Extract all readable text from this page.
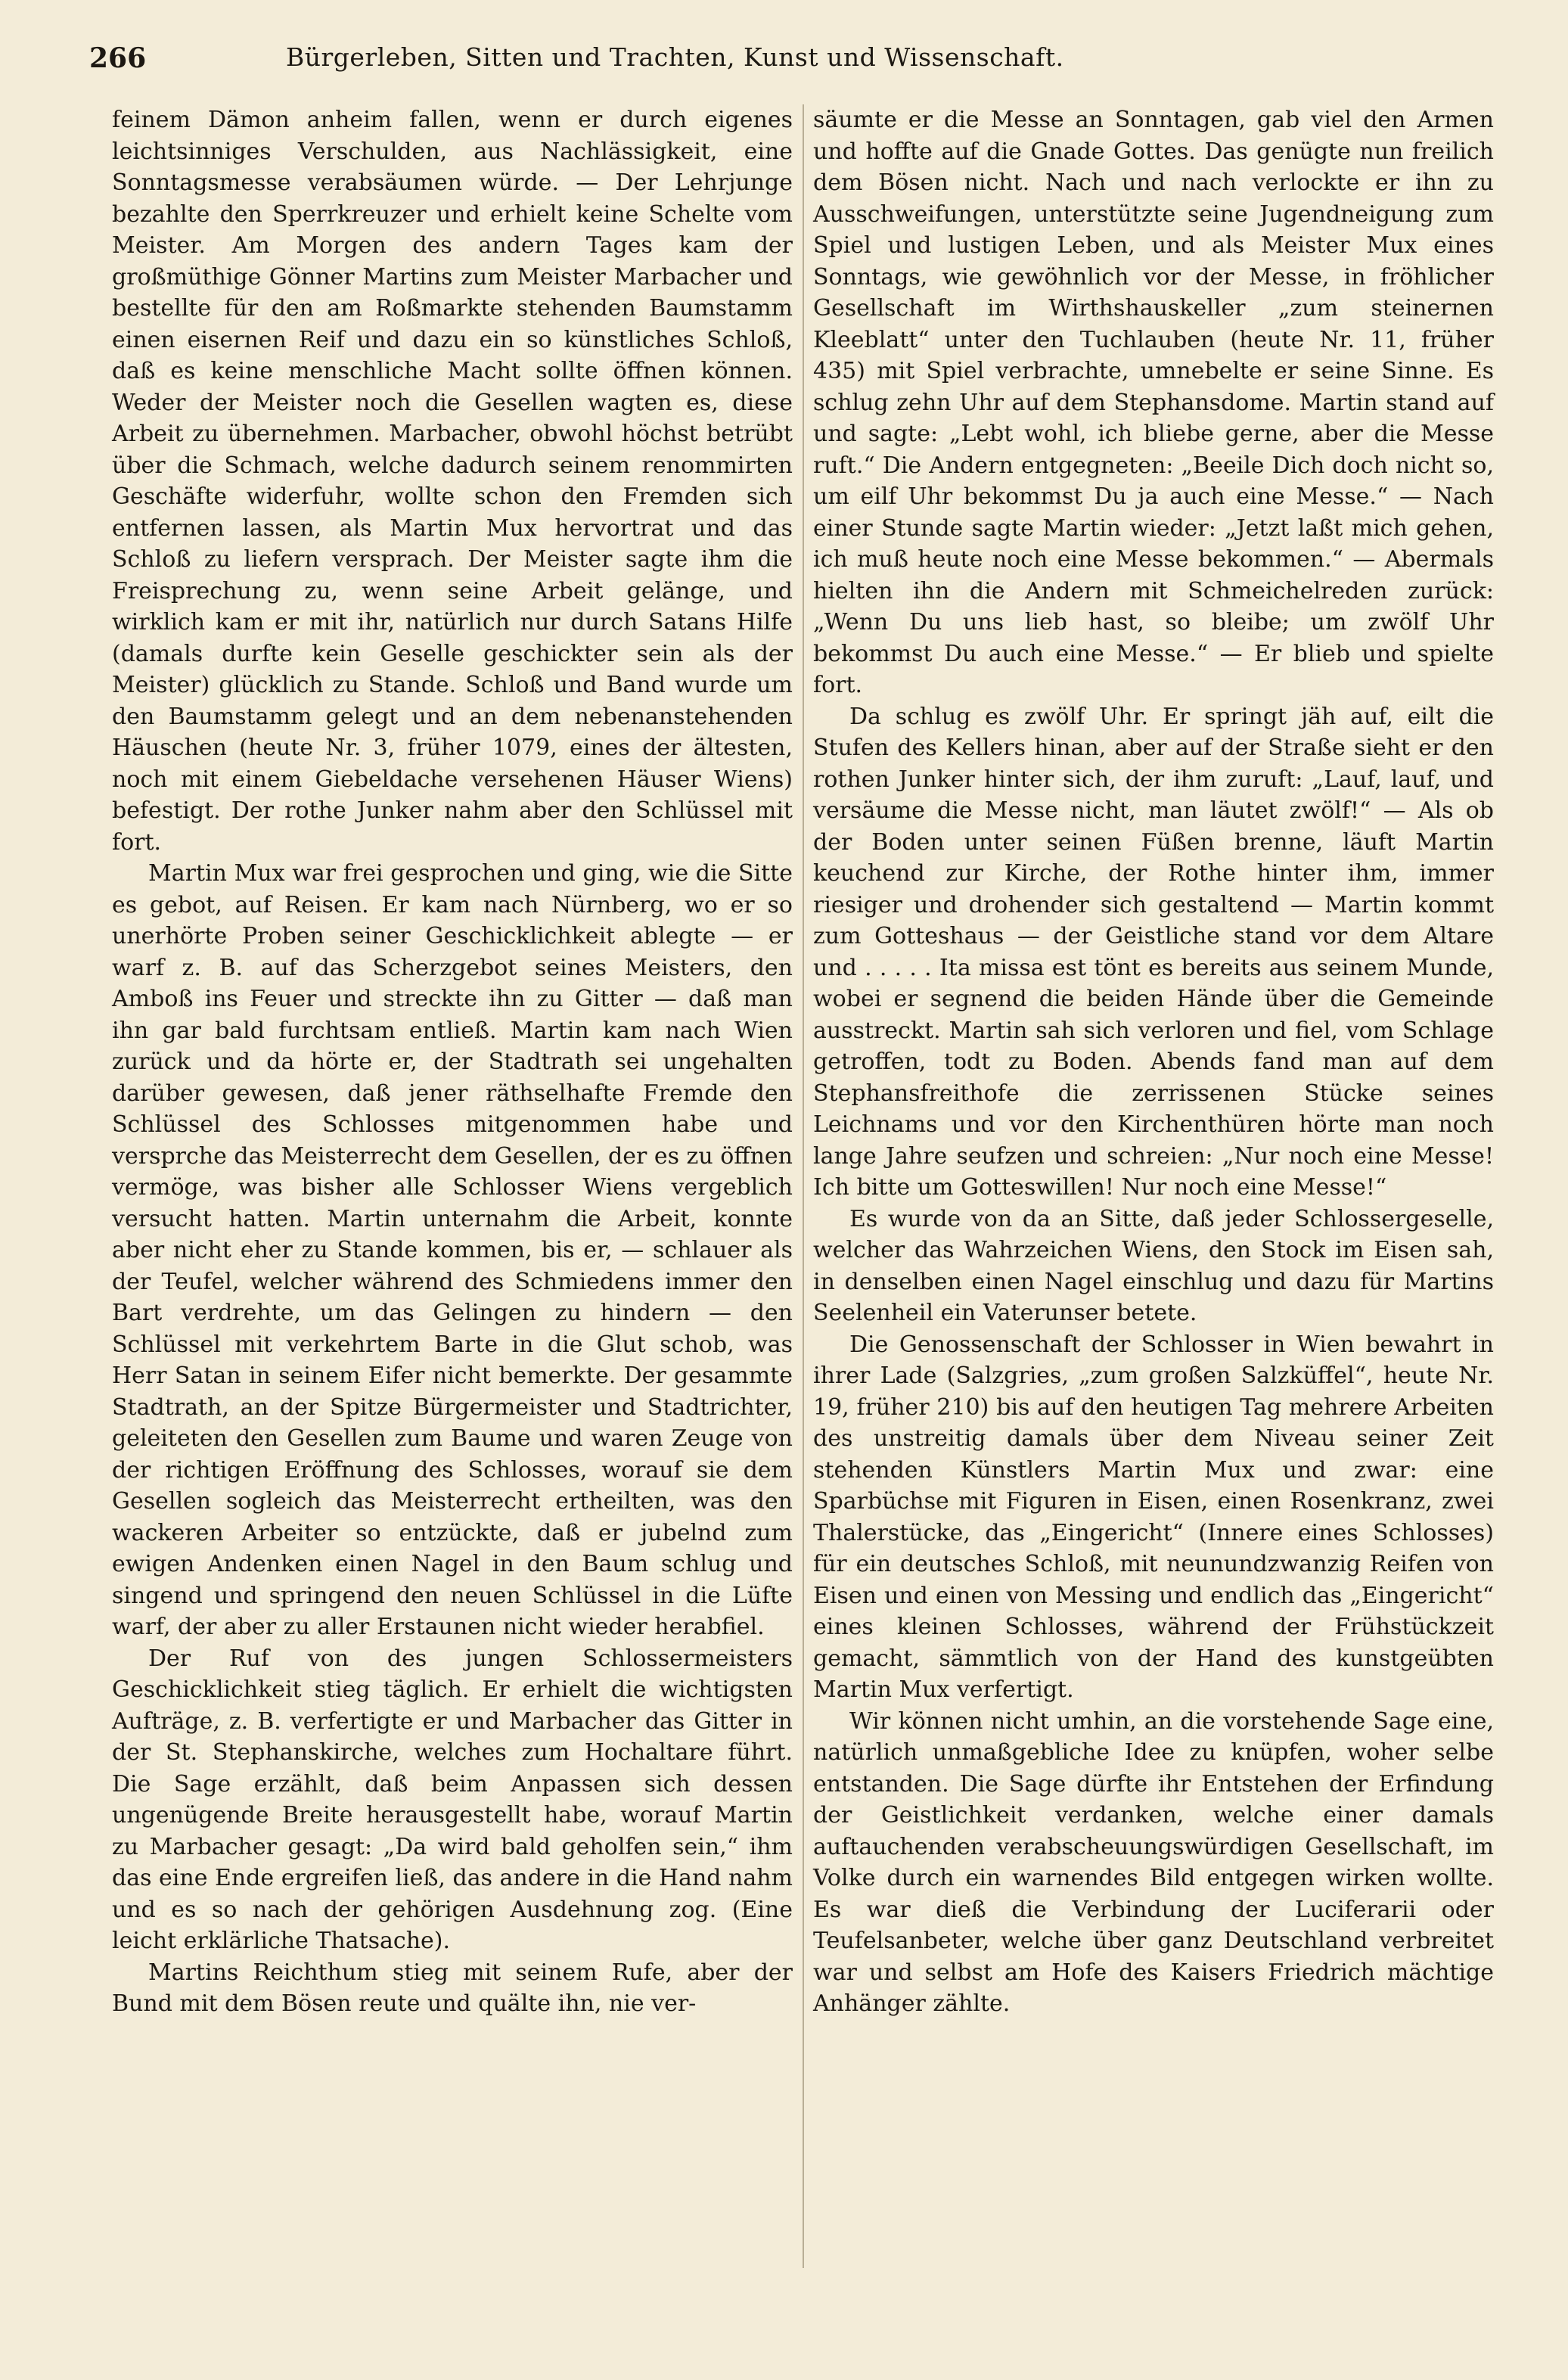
266	Bürgerleben, Sitten und Trachten, Kunst und Wissenschaft.

feinem Dämon anheim fallen, wenn er durch eigenes leichtsinniges Verschulden, aus Nachlässigkeit, eine Sonntagsmesse verabsäumen würde. — Der Lehrjunge bezahlte den Sperrkreuzer und erhielt keine Schelte vom Meister. Am Morgen des andern Tages kam der großmüthige Gönner Martins zum Meister Marbacher und bestellte für den am Roßmarkte stehenden Baumstamm einen eisernen Reif und dazu ein so künstliches Schloß, daß es keine menschliche Macht sollte öffnen können. Weder der Meister noch die Gesellen wagten es, diese Arbeit zu übernehmen. Marbacher, obwohl höchst betrübt über die Schmach, welche dadurch seinem renommirten Geschäfte widerfuhr, wollte schon den Fremden sich entfernen lassen, als Martin Mux hervortrat und das Schloß zu liefern versprach. Der Meister sagte ihm die Freisprechung zu, wenn seine Arbeit gelänge, und wirklich kam er mit ihr, natürlich nur durch Satans Hilfe (damals durfte kein Geselle geschickter sein als der Meister) glücklich zu Stande. Schloß und Band wurde um den Baumstamm gelegt und an dem nebenanstehenden Häuschen (heute Nr. 3, früher 1079, eines der ältesten, noch mit einem Giebeldache versehenen Häuser Wiens) befestigt. Der rothe Junker nahm aber den Schlüssel mit fort.

Martin Mux war frei gesprochen und ging, wie die Sitte es gebot, auf Reisen. Er kam nach Nürnberg, wo er so unerhörte Proben seiner Geschicklichkeit ablegte — er warf z. B. auf das Scherzgebot seines Meisters, den Amboß ins Feuer und streckte ihn zu Gitter — daß man ihn gar bald furchtsam entließ. Martin kam nach Wien zurück und da hörte er, der Stadtrath sei ungehalten darüber gewesen, daß jener räthselhafte Fremde den Schlüssel des Schlosses mitgenommen habe und versprche das Meisterrecht dem Gesellen, der es zu öffnen vermöge, was bisher alle Schlosser Wiens vergeblich versucht hatten. Martin unternahm die Arbeit, konnte aber nicht eher zu Stande kommen, bis er, — schlauer als der Teufel, welcher während des Schmiedens immer den Bart verdrehte, um das Gelingen zu hindern — den Schlüssel mit verkehrtem Barte in die Glut schob, was Herr Satan in seinem Eifer nicht bemerkte. Der gesammte Stadtrath, an der Spitze Bürgermeister und Stadtrichter, geleiteten den Gesellen zum Baume und waren Zeuge von der richtigen Eröffnung des Schlosses, worauf sie dem Gesellen sogleich das Meisterrecht ertheilten, was den wackeren Arbeiter so entzückte, daß er jubelnd zum ewigen Andenken einen Nagel in den Baum schlug und singend und springend den neuen Schlüssel in die Lüfte warf, der aber zu aller Erstaunen nicht wieder herabfiel.

Der Ruf von des jungen Schlossermeisters Geschicklichkeit stieg täglich. Er erhielt die wichtigsten Aufträge, z. B. verfertigte er und Marbacher das Gitter in der St. Stephanskirche, welches zum Hochaltare führt. Die Sage erzählt, daß beim Anpassen sich dessen ungenügende Breite herausgestellt habe, worauf Martin zu Marbacher gesagt: „Da wird bald geholfen sein,“ ihm das eine Ende ergreifen ließ, das andere in die Hand nahm und es so nach der gehörigen Ausdehnung zog. (Eine leicht erklärliche Thatsache).

Martins Reichthum stieg mit seinem Rufe, aber der Bund mit dem Bösen reute und quälte ihn, nie ver-

säumte er die Messe an Sonntagen, gab viel den Armen und hoffte auf die Gnade Gottes. Das genügte nun freilich dem Bösen nicht. Nach und nach verlockte er ihn zu Ausschweifungen, unterstützte seine Jugendneigung zum Spiel und lustigen Leben, und als Meister Mux eines Sonntags, wie gewöhnlich vor der Messe, in fröhlicher Gesellschaft im Wirthshauskeller „zum steinernen Kleeblatt“ unter den Tuchlauben (heute Nr. 11, früher 435) mit Spiel verbrachte, umnebelte er seine Sinne. Es schlug zehn Uhr auf dem Stephansdome. Martin stand auf und sagte: „Lebt wohl, ich bliebe gerne, aber die Messe ruft.“ Die Andern entgegneten: „Beeile Dich doch nicht so, um eilf Uhr bekommst Du ja auch eine Messe.“ — Nach einer Stunde sagte Martin wieder: „Jetzt laßt mich gehen, ich muß heute noch eine Messe bekommen.“ — Abermals hielten ihn die Andern mit Schmeichelreden zurück: „Wenn Du uns lieb hast, so bleibe; um zwölf Uhr bekommst Du auch eine Messe.“ — Er blieb und spielte fort.

Da schlug es zwölf Uhr. Er springt jäh auf, eilt die Stufen des Kellers hinan, aber auf der Straße sieht er den rothen Junker hinter sich, der ihm zuruft: „Lauf, lauf, und versäume die Messe nicht, man läutet zwölf!“ — Als ob der Boden unter seinen Füßen brenne, läuft Martin keuchend zur Kirche, der Rothe hinter ihm, immer riesiger und drohender sich gestaltend — Martin kommt zum Gotteshaus — der Geistliche stand vor dem Altare und . . . . . Ita missa est tönt es bereits aus seinem Munde, wobei er segnend die beiden Hände über die Gemeinde ausstreckt. Martin sah sich verloren und fiel, vom Schlage getroffen, todt zu Boden. Abends fand man auf dem Stephansfreithofe die zerrissenen Stücke seines Leichnams und vor den Kirchenthüren hörte man noch lange Jahre seufzen und schreien: „Nur noch eine Messe! Ich bitte um Gotteswillen! Nur noch eine Messe!“

Es wurde von da an Sitte, daß jeder Schlossergeselle, welcher das Wahrzeichen Wiens, den Stock im Eisen sah, in denselben einen Nagel einschlug und dazu für Martins Seelenheil ein Vaterunser betete.

Die Genossenschaft der Schlosser in Wien bewahrt in ihrer Lade (Salzgries, „zum großen Salzküffel“, heute Nr. 19, früher 210) bis auf den heutigen Tag mehrere Arbeiten des unstreitig damals über dem Niveau seiner Zeit stehenden Künstlers Martin Mux und zwar: eine Sparbüchse mit Figuren in Eisen, einen Rosenkranz, zwei Thalerstücke, das „Eingericht“ (Innere eines Schlosses) für ein deutsches Schloß, mit neunundzwanzig Reifen von Eisen und einen von Messing und endlich das „Eingericht“ eines kleinen Schlosses, während der Frühstückzeit gemacht, sämmtlich von der Hand des kunstgeübten Martin Mux verfertigt.

Wir können nicht umhin, an die vorstehende Sage eine, natürlich unmaßgebliche Idee zu knüpfen, woher selbe entstanden. Die Sage dürfte ihr Entstehen der Erfindung der Geistlichkeit verdanken, welche einer damals auftauchenden verabscheuungswürdigen Gesellschaft, im Volke durch ein warnendes Bild entgegen wirken wollte. Es war dieß die Verbindung der Luciferarii oder Teufelsanbeter, welche über ganz Deutschland verbreitet war und selbst am Hofe des Kaisers Friedrich mächtige Anhänger zählte.
